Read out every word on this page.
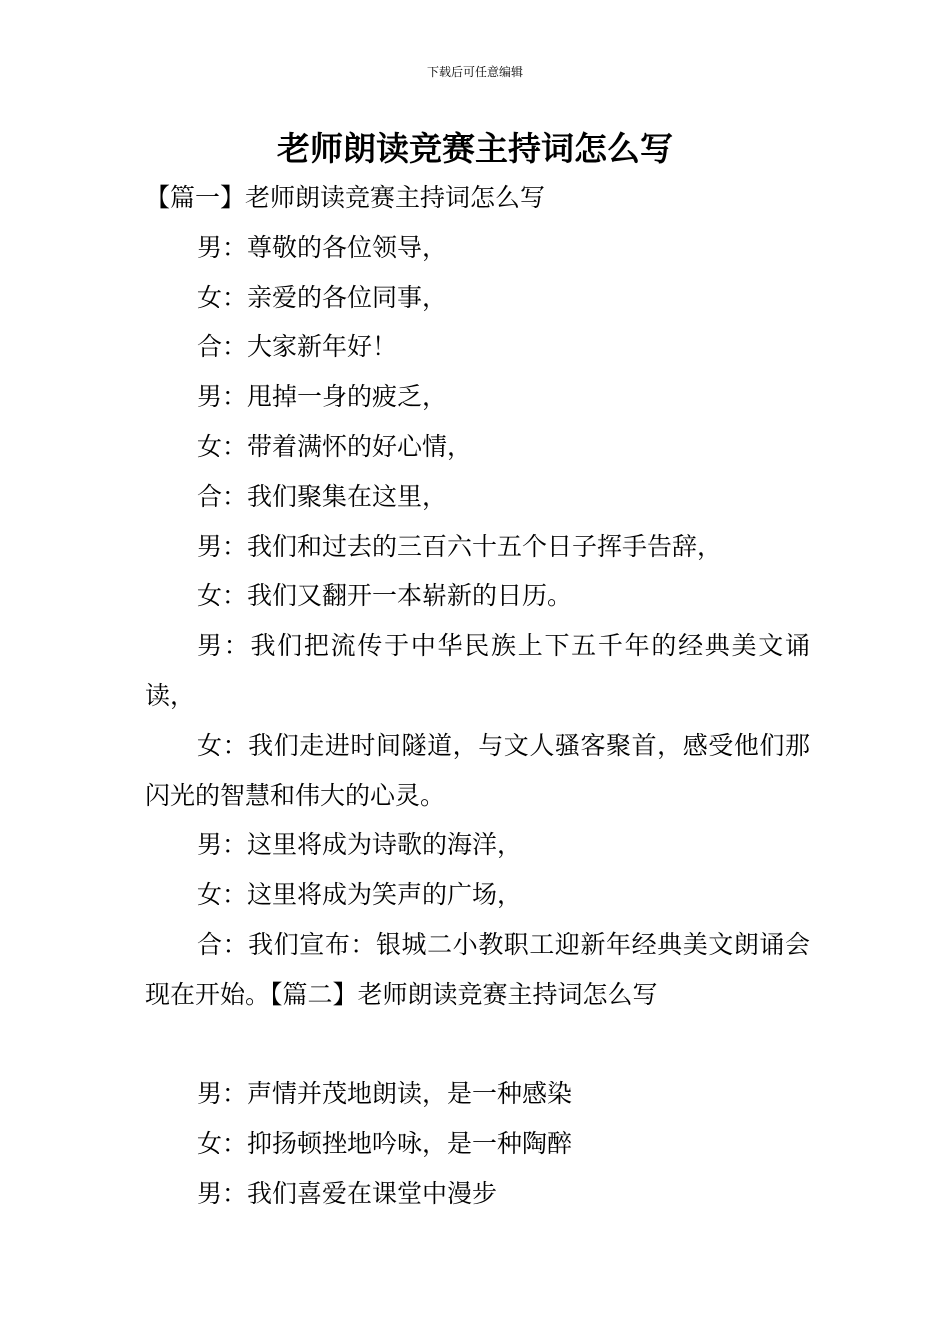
下载后可任意编辑
老师朗读竞赛主持词怎么写

【篇一】老师朗读竞赛主持词怎么写

男：尊敬的各位领导，

女：亲爱的各位同事，

合：大家新年好！

男：甩掉一身的疲乏，

女：带着满怀的好心情，

合：我们聚集在这里，

男：我们和过去的三百六十五个日子挥手告辞，

女：我们又翻开一本崭新的日历。

男：我们把流传于中华民族上下五千年的经典美文诵读，

女：我们走进时间隧道，与文人骚客聚首，感受他们那闪光的智慧和伟大的心灵。

男：这里将成为诗歌的海洋，

女：这里将成为笑声的广场，

合：我们宣布：银城二小教职工迎新年经典美文朗诵会现在开始。【篇二】老师朗读竞赛主持词怎么写

男：声情并茂地朗读，是一种感染

女：抑扬顿挫地吟咏，是一种陶醉

男：我们喜爱在课堂中漫步
